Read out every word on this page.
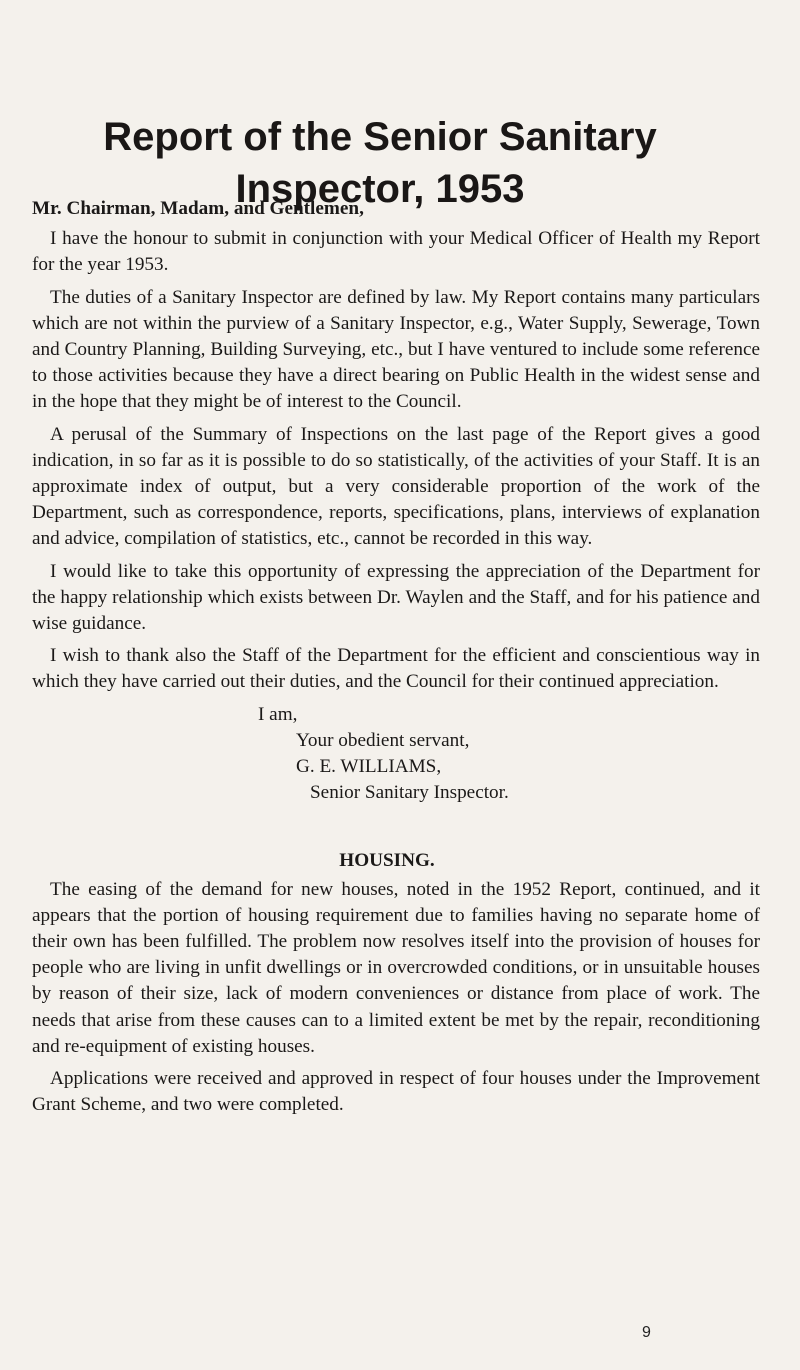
Report of the Senior Sanitary
Inspector, 1953
Mr. Chairman, Madam, and Gentlemen,

I have the honour to submit in conjunction with your Medical Officer of Health my Report for the year 1953.

The duties of a Sanitary Inspector are defined by law. My Report contains many particulars which are not within the purview of a Sanitary Inspector, e.g., Water Supply, Sewerage, Town and Country Planning, Building Surveying, etc., but I have ventured to include some reference to those activities because they have a direct bearing on Public Health in the widest sense and in the hope that they might be of interest to the Council.

A perusal of the Summary of Inspections on the last page of the Report gives a good indication, in so far as it is possible to do so statistically, of the activities of your Staff. It is an approximate index of output, but a very considerable proportion of the work of the Department, such as correspondence, reports, specifications, plans, interviews of explanation and advice, compilation of statistics, etc., cannot be recorded in this way.

I would like to take this opportunity of expressing the appreciation of the Department for the happy relationship which exists between Dr. Waylen and the Staff, and for his patience and wise guidance.

I wish to thank also the Staff of the Department for the efficient and conscientious way in which they have carried out their duties, and the Council for their continued appreciation.

I am,
Your obedient servant,
G. E. WILLIAMS,
Senior Sanitary Inspector.
HOUSING.

The easing of the demand for new houses, noted in the 1952 Report, continued, and it appears that the portion of housing requirement due to families having no separate home of their own has been fulfilled. The problem now resolves itself into the provision of houses for people who are living in unfit dwellings or in overcrowded conditions, or in unsuitable houses by reason of their size, lack of modern conveniences or distance from place of work. The needs that arise from these causes can to a limited extent be met by the repair, reconditioning and re-equipment of existing houses.

Applications were received and approved in respect of four houses under the Improvement Grant Scheme, and two were completed.

9
